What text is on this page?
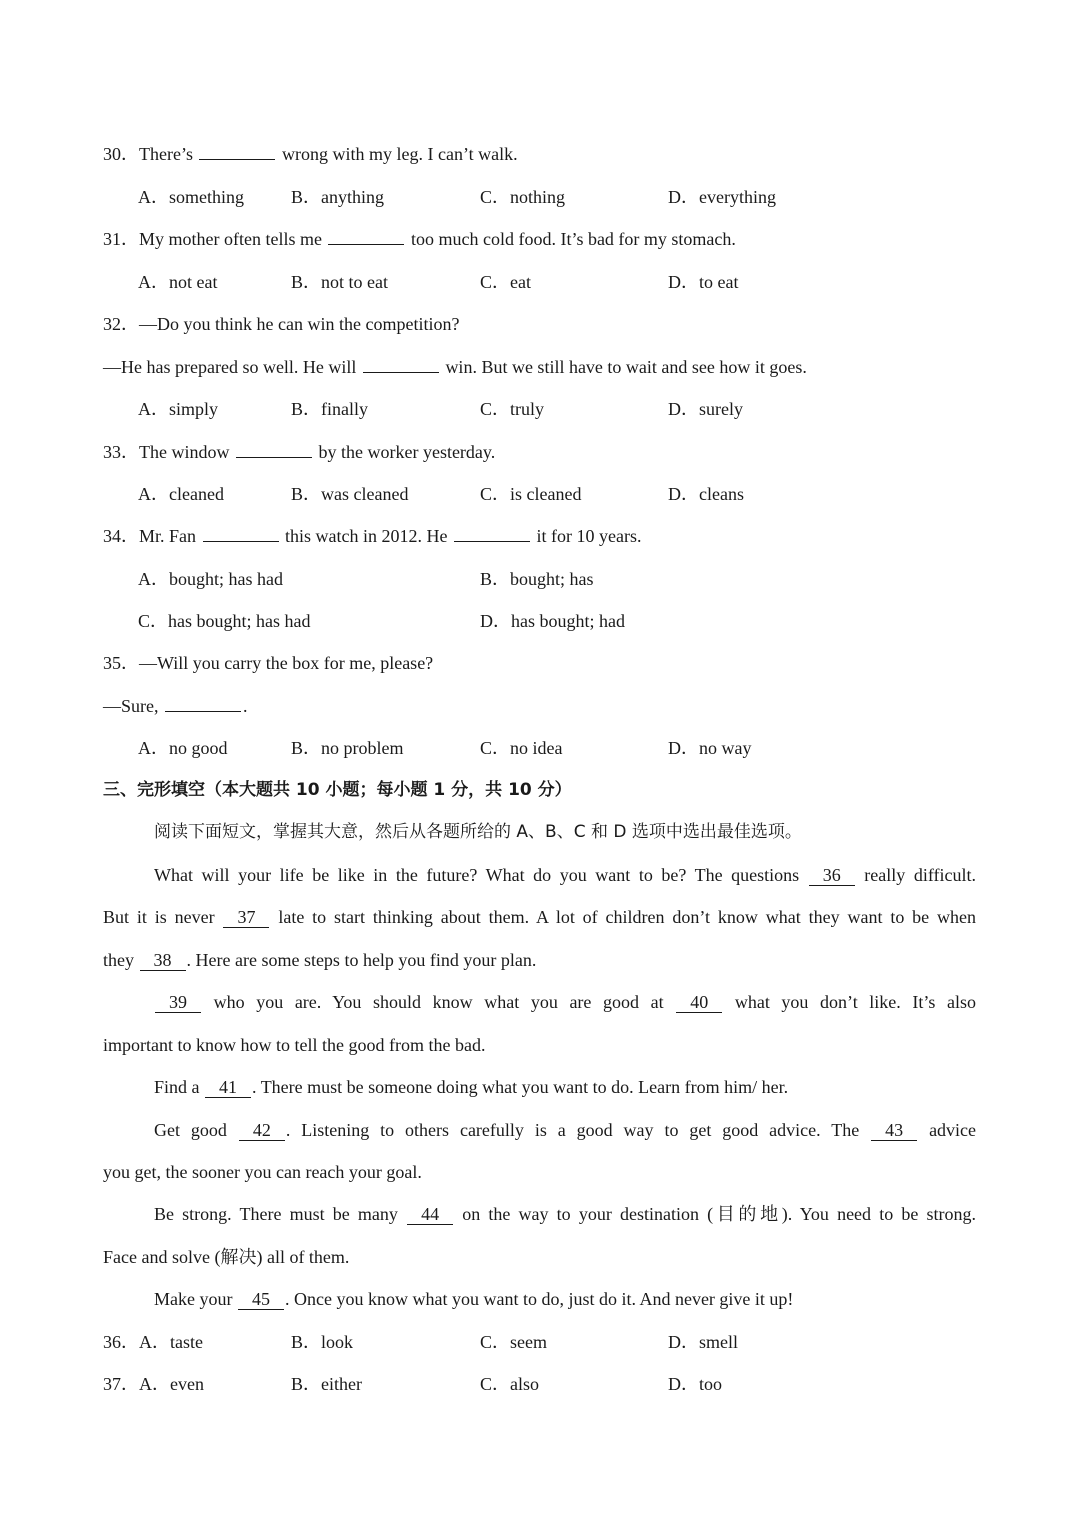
30．There’s	wrong with my leg. I can’t walk.
A．something	B．anything	C．nothing	D．everything
31．My mother often tells me	too much cold food. It’s bad for my stomach.
A．not eat	B．not to eat	C．eat	D．to eat
32．—Do you think he can win the competition?
—He has prepared so well. He will	win. But we still have to wait and see how it goes.
A．simply	B．finally	C．truly	D．surely
33．The window	by the worker yesterday.
A．cleaned	B．was cleaned	C．is cleaned	D．cleans
34．Mr. Fan	this watch in 2012. He	it for 10 years.
A．bought; has had	B．bought; has
C．has bought; has had	D．has bought; had
35．—Will you carry the box for me, please?
—Sure,	.
A．no good	B．no problem	C．no idea	D．no way
三、完形填空（本大题共 10 小题；每小题 1 分，共 10 分）
阅读下面短文，掌握其大意，然后从各题所给的 A、B、C 和 D 选项中选出最佳选项。
What will your life be like in the future? What do you want to be? The questions 36 really difficult.
But it is never 37 late to start thinking about them. A lot of children don’t know what they want to be when
they 38 . Here are some steps to help you find your plan.
39 who you are. You should know what you are good at 40 what you don’t like. It’s also
important to know how to tell the good from the bad.
Find a 41 . There must be someone doing what you want to do. Learn from him/ her.
Get good 42 . Listening to others carefully is a good way to get good advice. The 43 advice
you get, the sooner you can reach your goal.
Be strong. There must be many 44 on the way to your destination (目的地). You need to be strong.
Face and solve (解决) all of them.
Make your 45 . Once you know what you want to do, just do it. And never give it up!
36．A．taste	B．look	C．seem	D．smell
37．A．even	B．either	C．also	D．too
